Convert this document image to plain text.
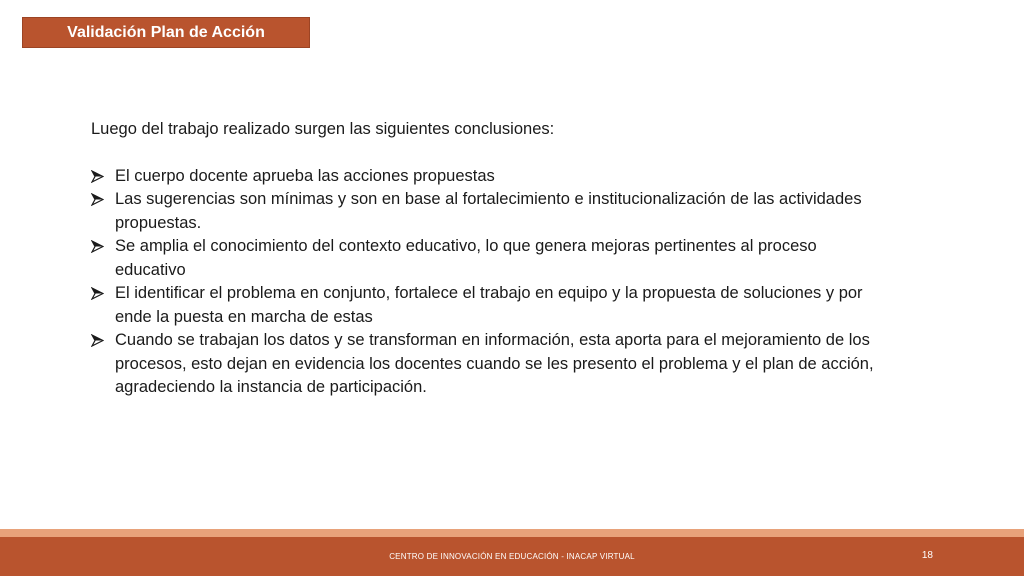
Validación Plan de Acción

Luego del trabajo realizado surgen las siguientes conclusiones:

El cuerpo docente aprueba las acciones propuestas
Las sugerencias son mínimas y son en base al fortalecimiento e institucionalización de las actividades propuestas.
Se amplia el conocimiento del contexto educativo, lo que genera mejoras pertinentes al proceso educativo
El identificar el problema en conjunto, fortalece el trabajo en equipo y la propuesta de soluciones y por ende la puesta en marcha de estas
Cuando se trabajan los datos y se transforman en información, esta aporta para el mejoramiento de los procesos, esto dejan en evidencia los docentes cuando se les presento el problema y el plan de acción, agradeciendo la instancia de participación.
CENTRO DE INNOVACIÓN EN EDUCACIÓN - INACAP VIRTUAL	18
